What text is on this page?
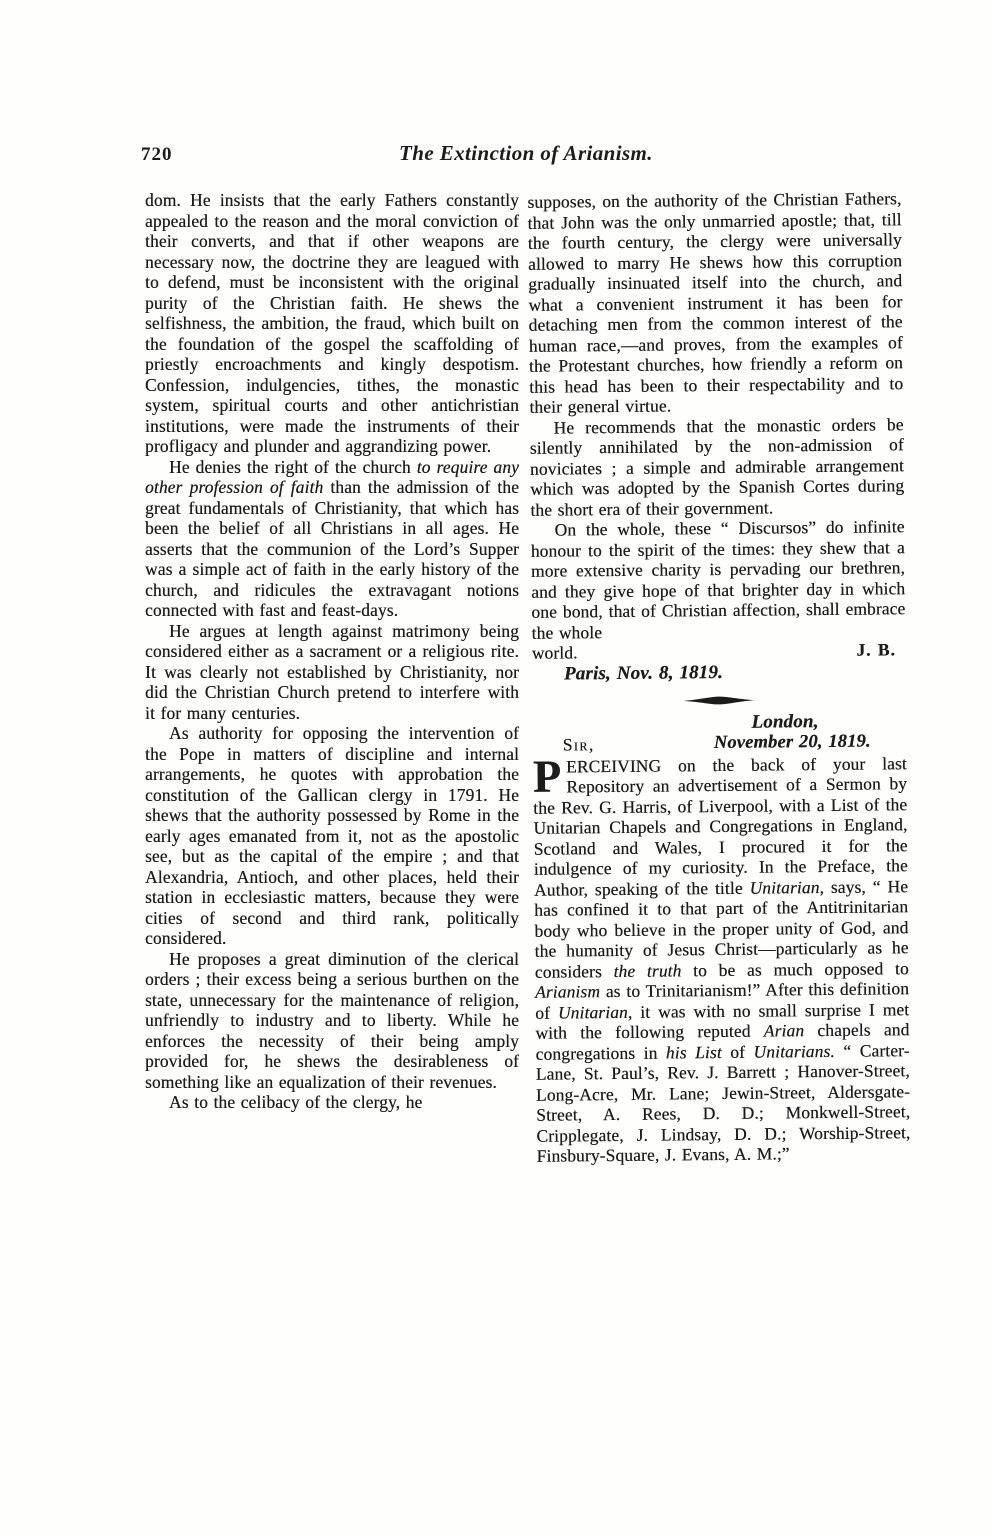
720	The Extinction of Arianism.

dom. He insists that the early Fathers constantly appealed to the reason and the moral conviction of their converts, and that if other weapons are necessary now, the doctrine they are leagued with to defend, must be inconsistent with the original purity of the Christian faith. He shews the selfishness, the ambition, the fraud, which built on the foundation of the gospel the scaffolding of priestly encroachments and kingly despotism. Confession, indulgencies, tithes, the monastic system, spiritual courts and other antichristian institutions, were made the instruments of their profligacy and plunder and aggrandizing power.

He denies the right of the church to require any other profession of faith than the admission of the great fundamentals of Christianity, that which has been the belief of all Christians in all ages. He asserts that the communion of the Lord’s Supper was a simple act of faith in the early history of the church, and ridicules the extravagant notions connected with fast and feast-days.

He argues at length against matrimony being considered either as a sacrament or a religious rite. It was clearly not established by Christianity, nor did the Christian Church pretend to interfere with it for many centuries.

As authority for opposing the intervention of the Pope in matters of discipline and internal arrangements, he quotes with approbation the constitution of the Gallican clergy in 1791. He shews that the authority possessed by Rome in the early ages emanated from it, not as the apostolic see, but as the capital of the empire ; and that Alexandria, Antioch, and other places, held their station in ecclesiastic matters, because they were cities of second and third rank, politically considered.

He proposes a great diminution of the clerical orders ; their excess being a serious burthen on the state, unnecessary for the maintenance of religion, unfriendly to industry and to liberty. While he enforces the necessity of their being amply provided for, he shews the desirableness of something like an equalization of their revenues.

As to the celibacy of the clergy, he

supposes, on the authority of the Christian Fathers, that John was the only unmarried apostle; that, till the fourth century, the clergy were universally allowed to marry He shews how this corruption gradually insinuated itself into the church, and what a convenient instrument it has been for detaching men from the common interest of the human race,—and proves, from the examples of the Protestant churches, how friendly a reform on this head has been to their respectability and to their general virtue.

He recommends that the monastic orders be silently annihilated by the non-admission of noviciates ; a simple and admirable arrangement which was adopted by the Spanish Cortes during the short era of their government.

On the whole, these “ Discursos” do infinite honour to the spirit of the times: they shew that a more extensive charity is pervading our brethren, and they give hope of that brighter day in which one bond, that of Christian affection, shall embrace the whole

world.	J. B.

Paris, Nov. 8, 1819.

London,

Sir,	November 20, 1819.

PERCEIVING on the back of your last Repository an advertisement of a Sermon by the Rev. G. Harris, of Liverpool, with a List of the Unitarian Chapels and Congregations in England, Scotland and Wales, I procured it for the indulgence of my curiosity. In the Preface, the Author, speaking of the title Unitarian, says, “ He has confined it to that part of the Antitrinitarian body who believe in the proper unity of God, and the humanity of Jesus Christ—particularly as he considers the truth to be as much opposed to Arianism as to Trinitarianism!” After this definition of Unitarian, it was with no small surprise I met with the following reputed Arian chapels and congregations in his List of Unitarians. “ Carter-Lane, St. Paul’s, Rev. J. Barrett ; Hanover-Street, Long-Acre, Mr. Lane; Jewin-Street, Aldersgate-Street, A. Rees, D. D.; Monkwell-Street, Cripplegate, J. Lindsay, D. D.; Worship-Street, Finsbury-Square, J. Evans, A. M.;”
